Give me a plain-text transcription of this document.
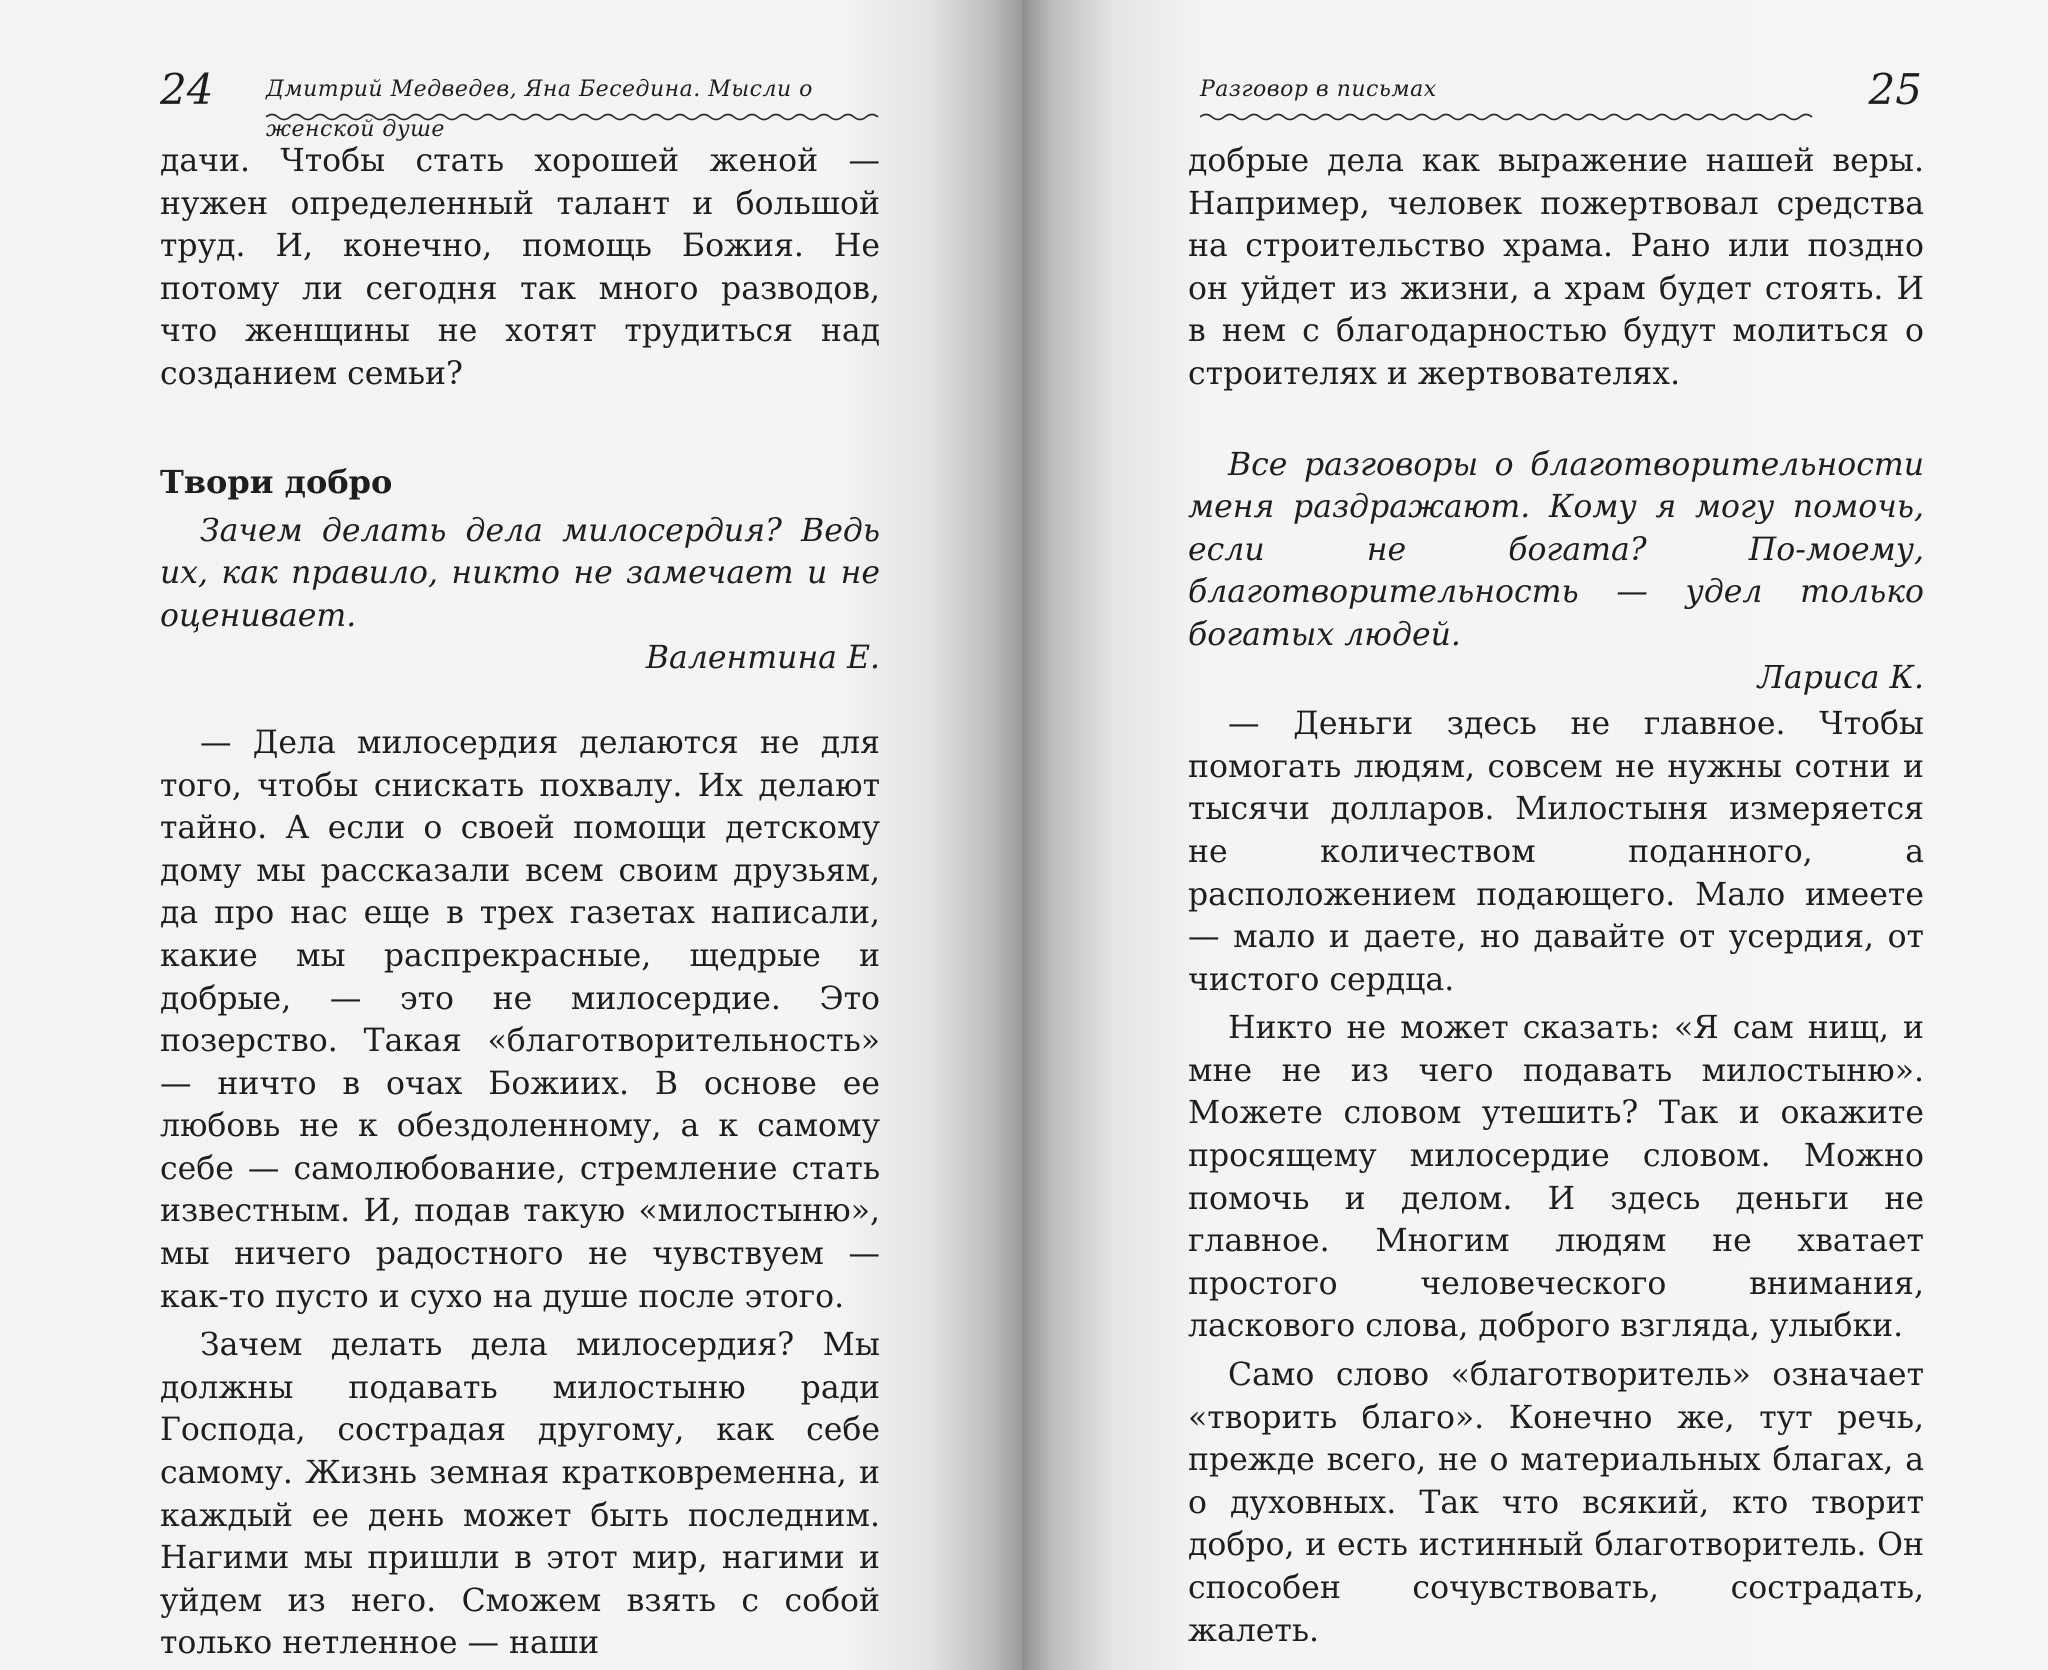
24 Дмитрий Медведев, Яна Беседина. Мысли о женской душе

дачи. Чтобы стать хорошей женой — нужен определенный талант и большой труд. И, конечно, помощь Божия. Не потому ли сегодня так много разводов, что женщины не хотят трудиться над созданием семьи?

Твори добро

Зачем делать дела милосердия? Ведь их, как правило, никто не замечает и не оценивает.

Валентина Е.

— Дела милосердия делаются не для того, чтобы снискать похвалу. Их делают тайно. А если о своей помощи детскому дому мы рассказали всем своим друзьям, да про нас еще в трех газетах написали, какие мы распрекрасные, щедрые и добрые, — это не милосердие. Это позерство. Такая «благотворительность» — ничто в очах Божиих. В основе ее любовь не к обездоленному, а к самому себе — самолюбование, стремление стать известным. И, подав такую «милостыню», мы ничего радостного не чувствуем — как-то пусто и сухо на душе после этого.

Зачем делать дела милосердия? Мы должны подавать милостыню ради Господа, сострадая другому, как себе самому. Жизнь земная кратковременна, и каждый ее день может быть последним. Нагими мы пришли в этот мир, нагими и уйдем из него. Сможем взять с собой только нетленное — наши

Разговор в письмах	25

добрые дела как выражение нашей веры. Например, человек пожертвовал средства на строительство храма. Рано или поздно он уйдет из жизни, а храм будет стоять. И в нем с благодарностью будут молиться о строителях и жертвователях.

Все разговоры о благотворительности меня раздражают. Кому я могу помочь, если не богата? По-моему, благотворительность — удел только богатых людей.

Лариса К.

— Деньги здесь не главное. Чтобы помогать людям, совсем не нужны сотни и тысячи долларов. Милостыня измеряется не количеством поданного, а расположением подающего. Мало имеете — мало и даете, но давайте от усердия, от чистого сердца.

Никто не может сказать: «Я сам нищ, и мне не из чего подавать милостыню». Можете словом утешить? Так и окажите просящему милосердие словом. Можно помочь и делом. И здесь деньги не главное. Многим людям не хватает простого человеческого внимания, ласкового слова, доброго взгляда, улыбки.

Само слово «благотворитель» означает «творить благо». Конечно же, тут речь, прежде всего, не о материальных благах, а о духовных. Так что всякий, кто творит добро, и есть истинный благотворитель. Он способен сочувствовать, сострадать, жалеть.
